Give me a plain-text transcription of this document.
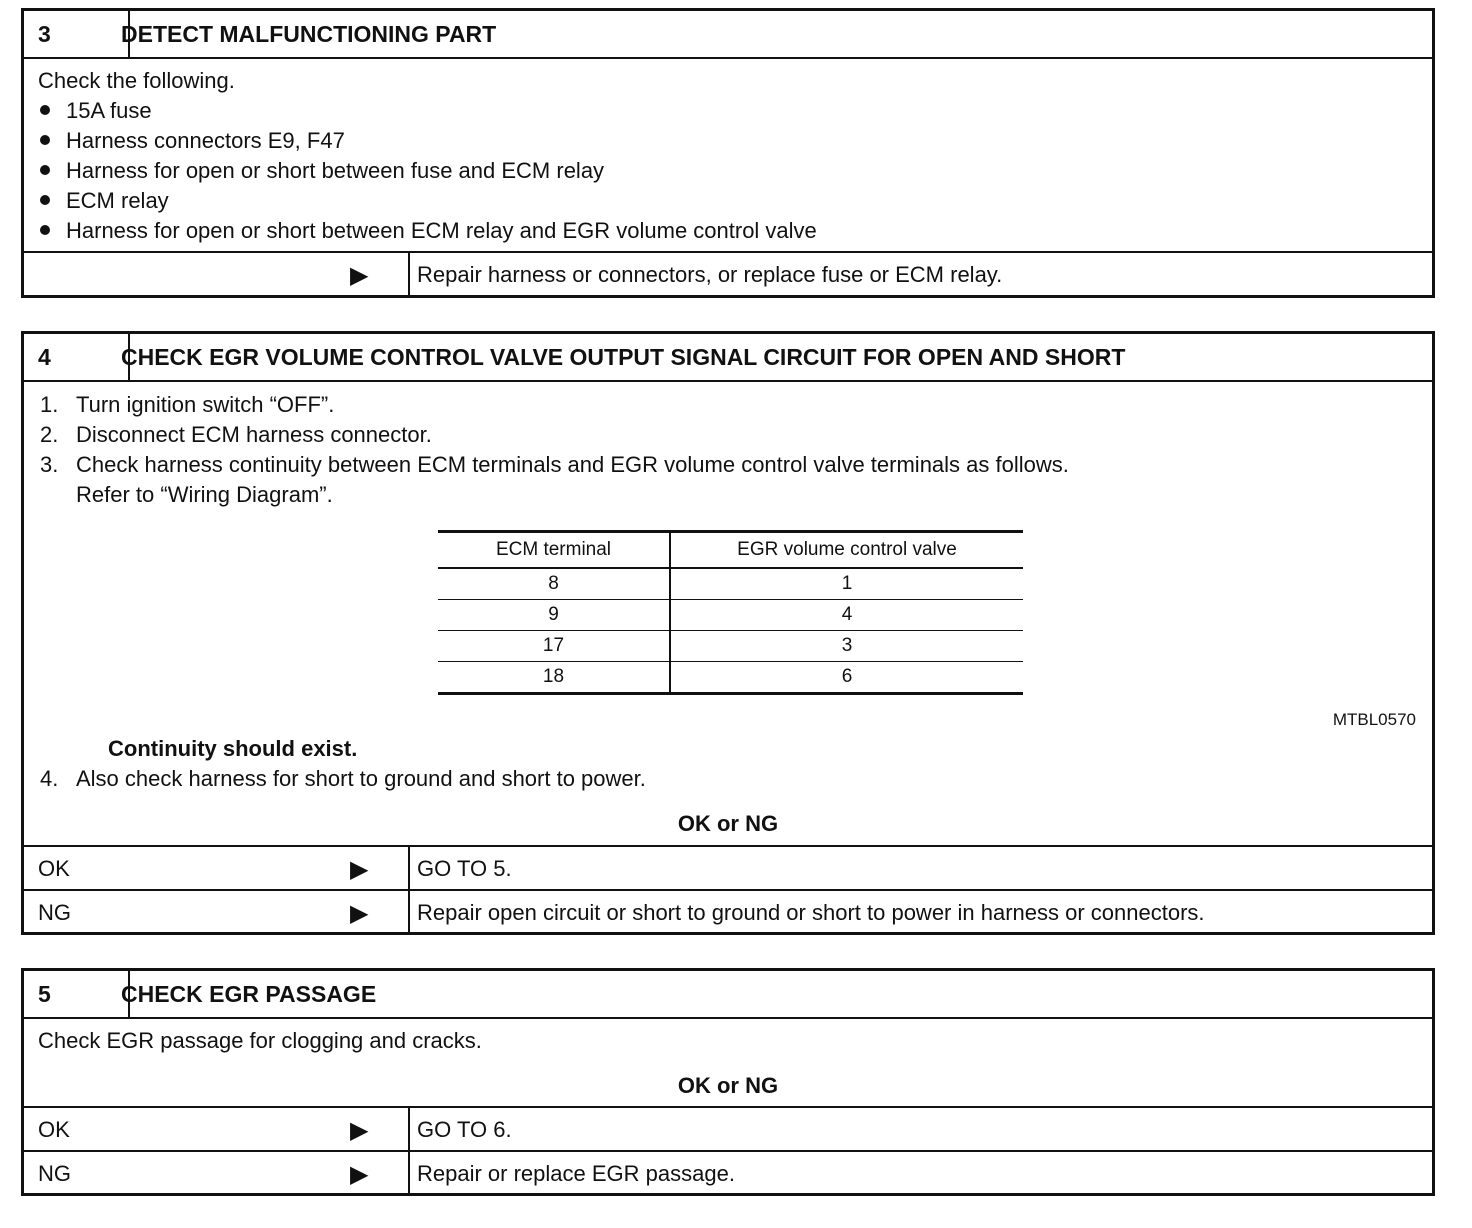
3	DETECT MALFUNCTIONING PART
Check the following.
15A fuse
Harness connectors E9, F47
Harness for open or short between fuse and ECM relay
ECM relay
Harness for open or short between ECM relay and EGR volume control valve
▶ Repair harness or connectors, or replace fuse or ECM relay.
4	CHECK EGR VOLUME CONTROL VALVE OUTPUT SIGNAL CIRCUIT FOR OPEN AND SHORT
1. Turn ignition switch “OFF”.
2. Disconnect ECM harness connector.
3. Check harness continuity between ECM terminals and EGR volume control valve terminals as follows.
Refer to “Wiring Diagram”.
ECM terminal	EGR volume control valve
8	1
9	4
17	3
18	6
MTBL0570
Continuity should exist.
4. Also check harness for short to ground and short to power.
OK or NG
OK	▶ GO TO 5.
NG	▶ Repair open circuit or short to ground or short to power in harness or connectors.
5	CHECK EGR PASSAGE
Check EGR passage for clogging and cracks.
OK or NG
OK	▶ GO TO 6.
NG	▶ Repair or replace EGR passage.
